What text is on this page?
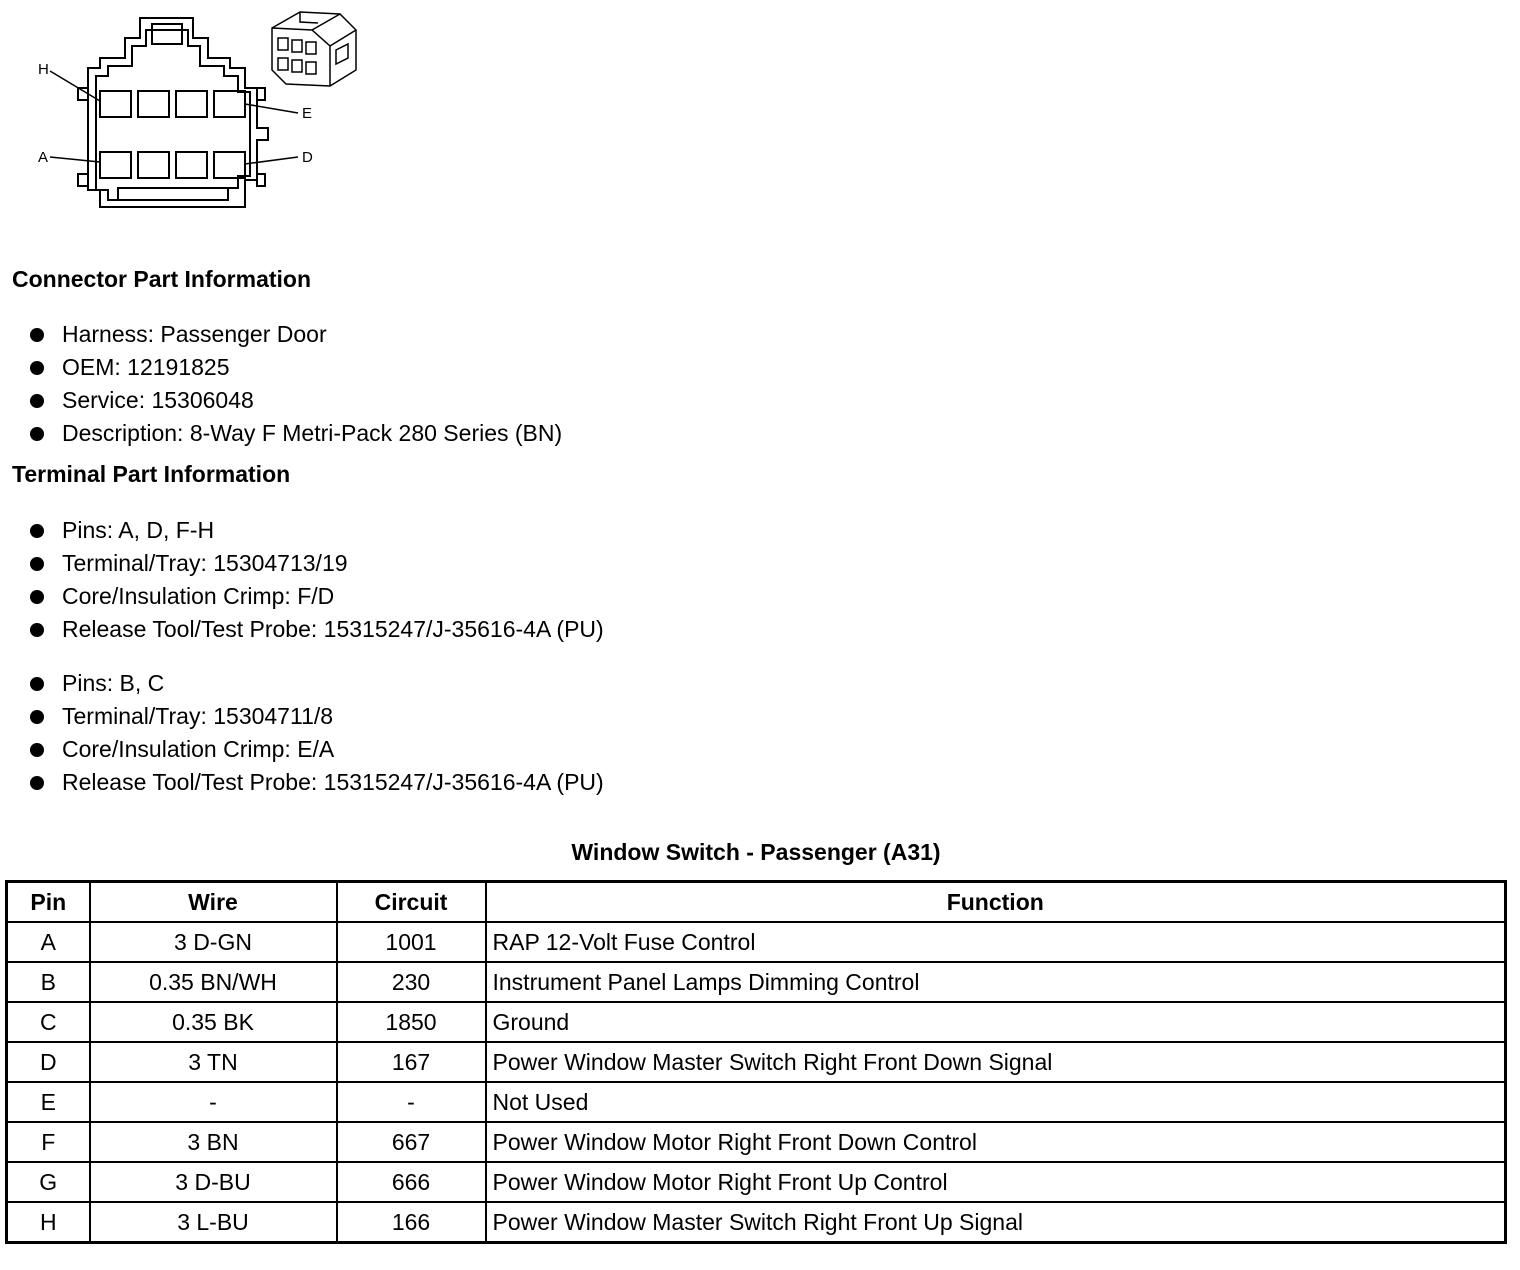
H
E
A	D
Connector Part Information
Harness: Passenger Door
OEM: 12191825
Service: 15306048
Description: 8-Way F Metri-Pack 280 Series (BN)
Terminal Part Information
Pins: A, D, F-H
Terminal/Tray: 15304713/19
Core/Insulation Crimp: F/D
Release Tool/Test Probe: 15315247/J-35616-4A (PU)
Pins: B, C
Terminal/Tray: 15304711/8
Core/Insulation Crimp: E/A
Release Tool/Test Probe: 15315247/J-35616-4A (PU)
Window Switch - Passenger (A31)
Pin	Wire	Circuit	Function
A	3 D-GN	1001	RAP 12-Volt Fuse Control
B	0.35 BN/WH	230	Instrument Panel Lamps Dimming Control
C	0.35 BK	1850	Ground
D	3 TN	167	Power Window Master Switch Right Front Down Signal
E	-	-	Not Used
F	3 BN	667	Power Window Motor Right Front Down Control
G	3 D-BU	666	Power Window Motor Right Front Up Control
H	3 L-BU	166	Power Window Master Switch Right Front Up Signal
